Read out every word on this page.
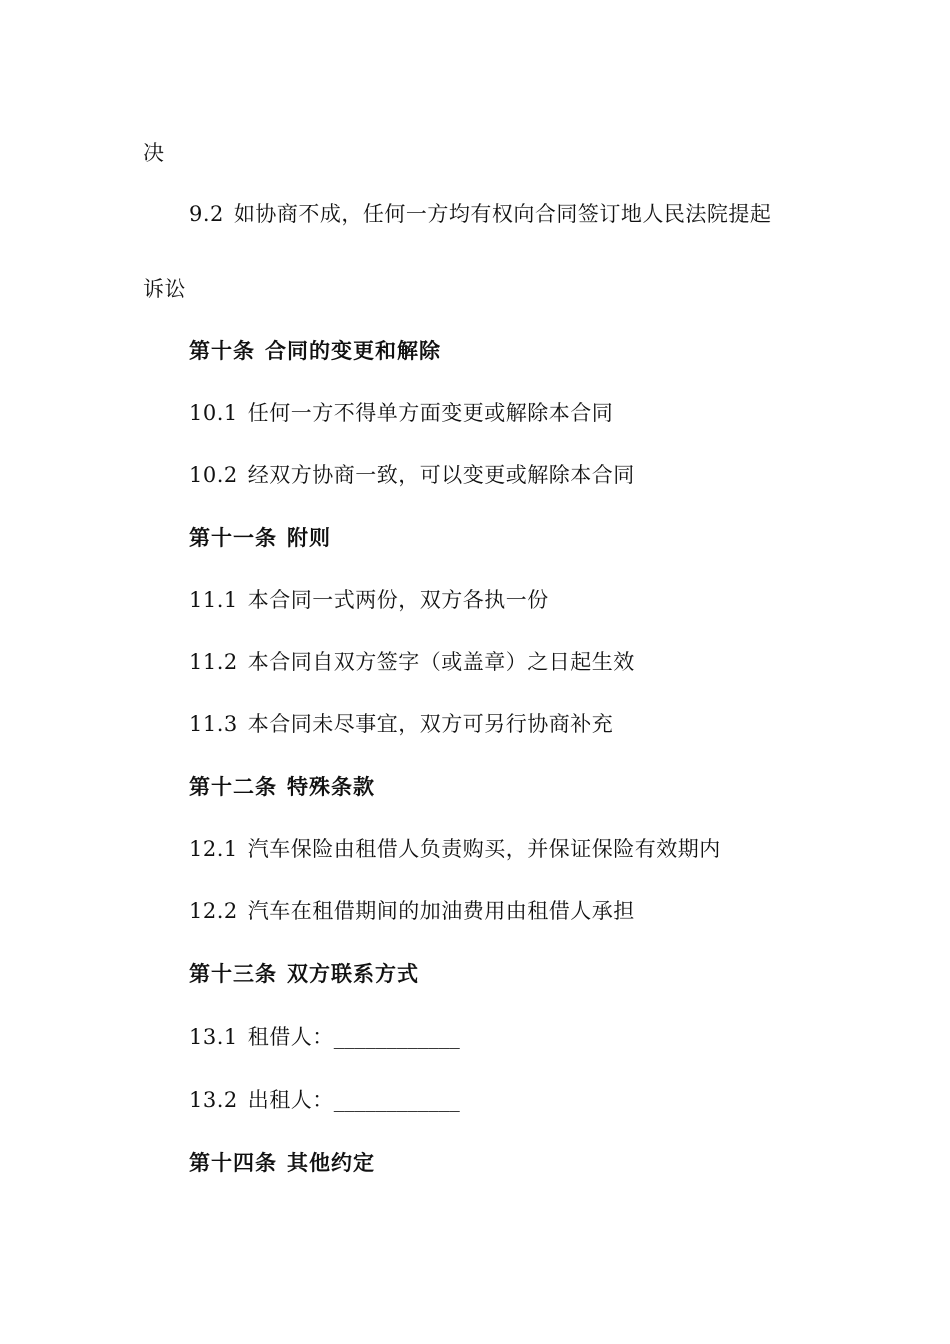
决
9.2 如协商不成，任何一方均有权向合同签订地人民法院提起
诉讼
第十条 合同的变更和解除
10.1 任何一方不得单方面变更或解除本合同
10.2 经双方协商一致，可以变更或解除本合同
第十一条 附则
11.1 本合同一式两份，双方各执一份
11.2 本合同自双方签字（或盖章）之日起生效
11.3 本合同未尽事宜，双方可另行协商补充
第十二条 特殊条款
12.1 汽车保险由租借人负责购买，并保证保险有效期内
12.2 汽车在租借期间的加油费用由租借人承担
第十三条 双方联系方式
13.1 租借人：____________
13.2 出租人：____________
第十四条 其他约定
